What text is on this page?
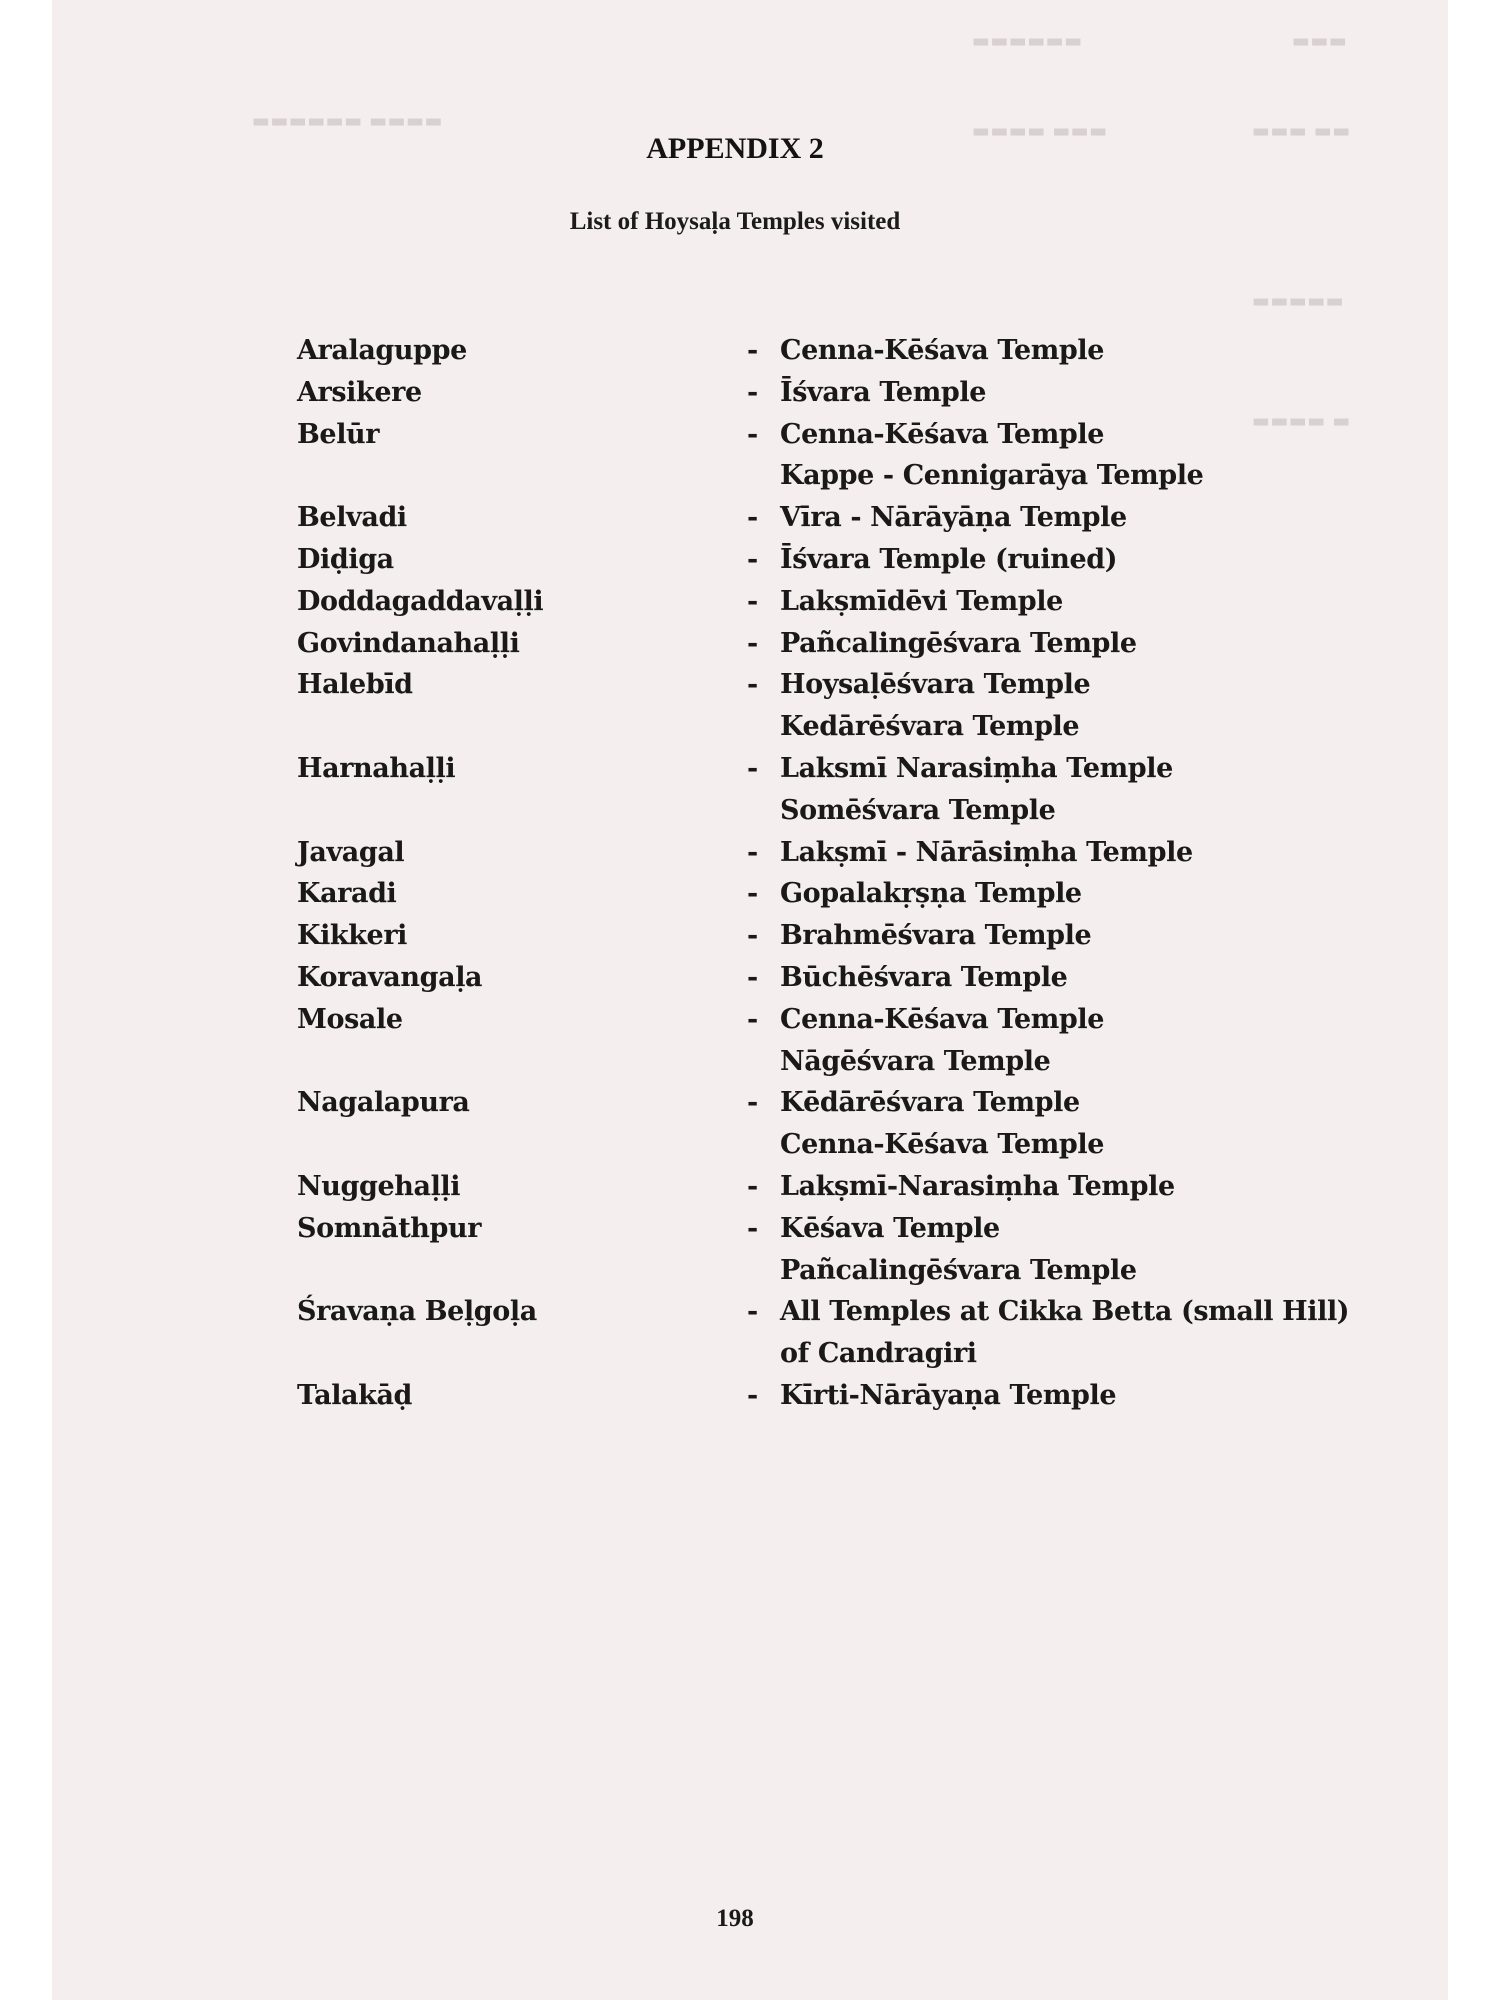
▬▬▬
▬▬▬▬▬▬
▬▬▬ ▬▬
▬▬▬▬ ▬▬▬
▬▬▬▬▬▬ ▬▬▬▬
▬▬▬▬▬
▬▬▬▬ ▬
APPENDIX 2
List of Hoysaḷa Temples visited
Aralaguppe	- Cenna-Kēśava Temple
Arsikere	- Īśvara Temple
Belūr	- Cenna-Kēśava Temple
Kappe - Cennigarāya Temple
Belvadi	- Vīra - Nārāyāṇa Temple
Diḍiga	- Īśvara Temple (ruined)
Doddagaddavaḷḷi	- Lakṣmīdēvi Temple
Govindanahaḷḷi	- Pañcalingēśvara Temple
Halebīd	- Hoysaḷēśvara Temple
Kedārēśvara Temple
Harnahaḷḷi	- Laksmī Narasiṃha Temple
Somēśvara Temple
Javagal	- Lakṣmī - Nārāsiṃha Temple
Karadi	- Gopalakṛṣṇa Temple
Kikkeri	- Brahmēśvara Temple
Koravangaḷa	- Būchēśvara Temple
Mosale	- Cenna-Kēśava Temple
Nāgēśvara Temple
Nagalapura	- Kēdārēśvara Temple
Cenna-Kēśava Temple
Nuggehaḷḷi	- Lakṣmī-Narasiṃha Temple
Somnāthpur	- Kēśava Temple
Pañcalingēśvara Temple
Śravaṇa Beḷgoḷa	- All Temples at Cikka Betta (small Hill)
of Candragiri
Talakāḍ	- Kīrti-Nārāyaṇa Temple
198
